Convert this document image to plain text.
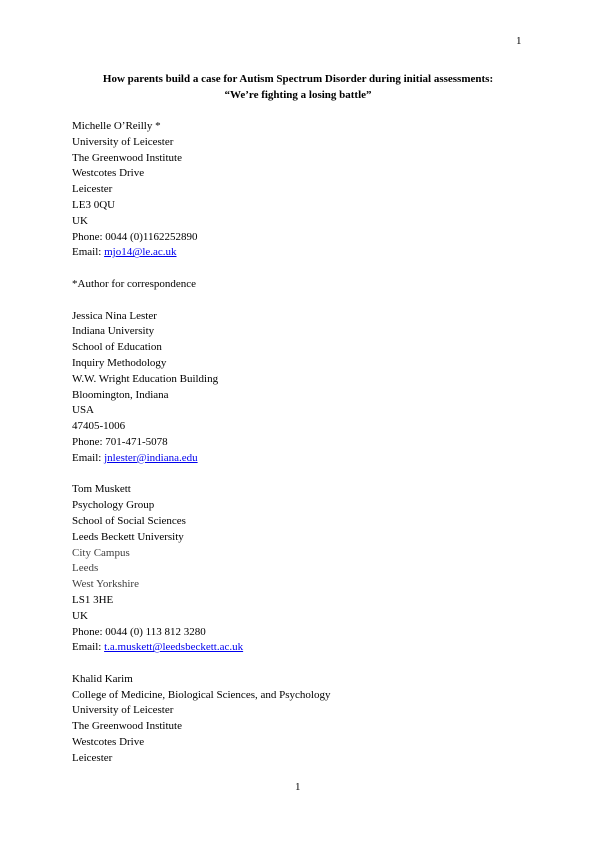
1
How parents build a case for Autism Spectrum Disorder during initial assessments:
“We’re fighting a losing battle”
Michelle O’Reilly *
University of Leicester
The Greenwood Institute
Westcotes Drive
Leicester
LE3 0QU
UK
Phone: 0044 (0)1162252890
Email: mjo14@le.ac.uk
*Author for correspondence
Jessica Nina Lester
Indiana University
School of Education
Inquiry Methodology
W.W. Wright Education Building
Bloomington, Indiana
USA
47405-1006
Phone: 701-471-5078
Email: jnlester@indiana.edu
Tom Muskett
Psychology Group
School of Social Sciences
Leeds Beckett University
City Campus
Leeds
West Yorkshire
LS1 3HE
UK
Phone: 0044 (0) 113 812 3280
Email: t.a.muskett@leedsbeckett.ac.uk
Khalid Karim
College of Medicine, Biological Sciences, and Psychology
University of Leicester
The Greenwood Institute
Westcotes Drive
Leicester
1
